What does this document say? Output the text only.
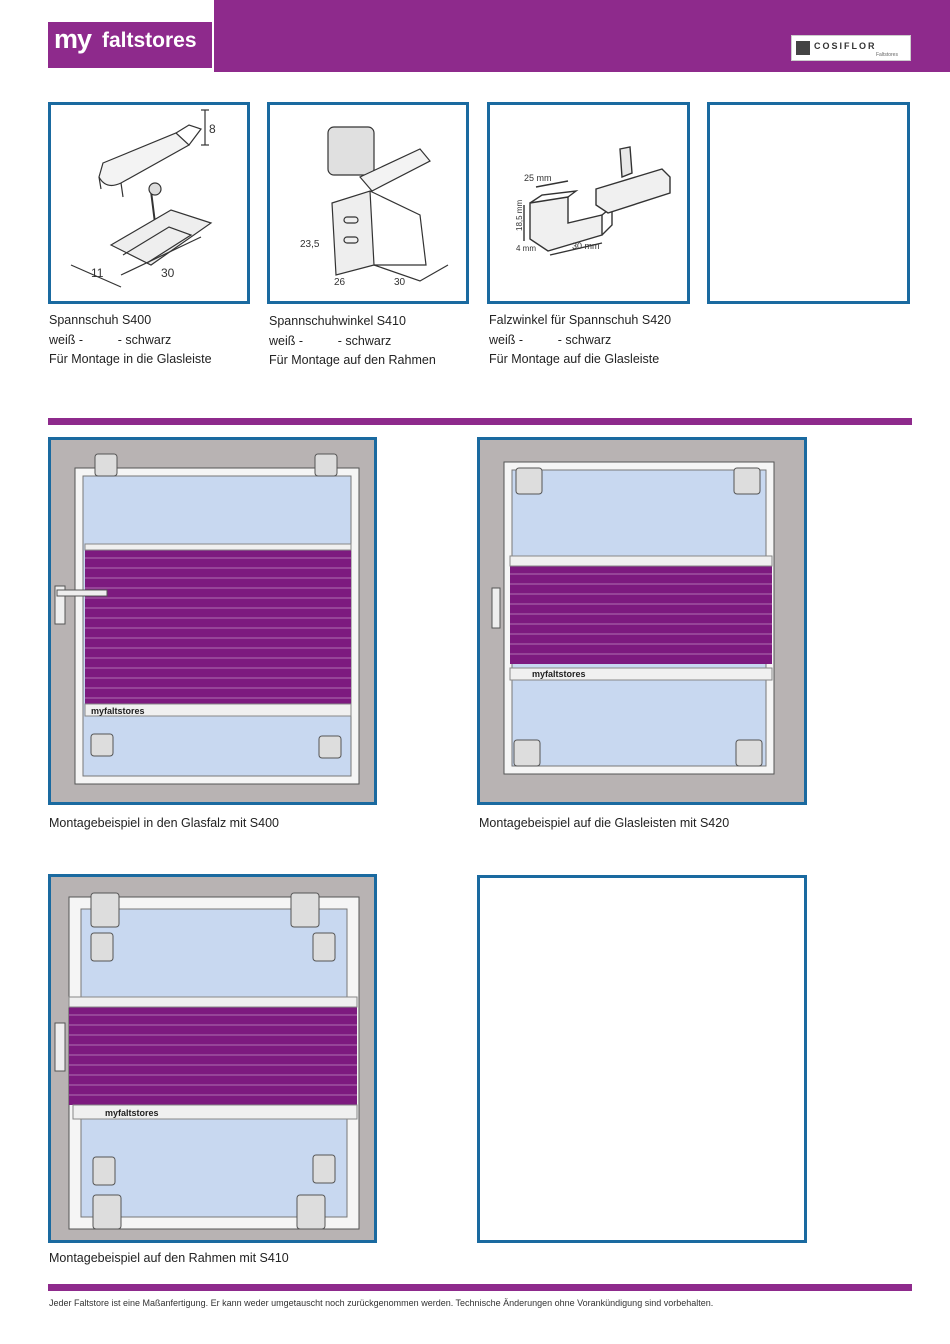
my faltstores	COSIFLOR
Faltstores
11	30
8
23,5
26	30
25 mm
18,5 mm
4 mm	30 mm
Spannschuh S400
weiß -          - schwarz
Für Montage in die Glasleiste
Spannschuhwinkel S410
weiß -          - schwarz
Für Montage auf den Rahmen
Falzwinkel für Spannschuh S420
weiß -          - schwarz
Für Montage auf die Glasleiste
myfaltstores
Montagebeispiel in den Glasfalz mit S400
myfaltstores
Montagebeispiel auf die Glasleisten mit S420
myfaltstores
Montagebeispiel auf den Rahmen mit S410
Jeder Faltstore ist eine Maßanfertigung. Er kann weder umgetauscht noch zurückgenommen werden. Technische Änderungen ohne Vorankündigung sind vorbehalten.
